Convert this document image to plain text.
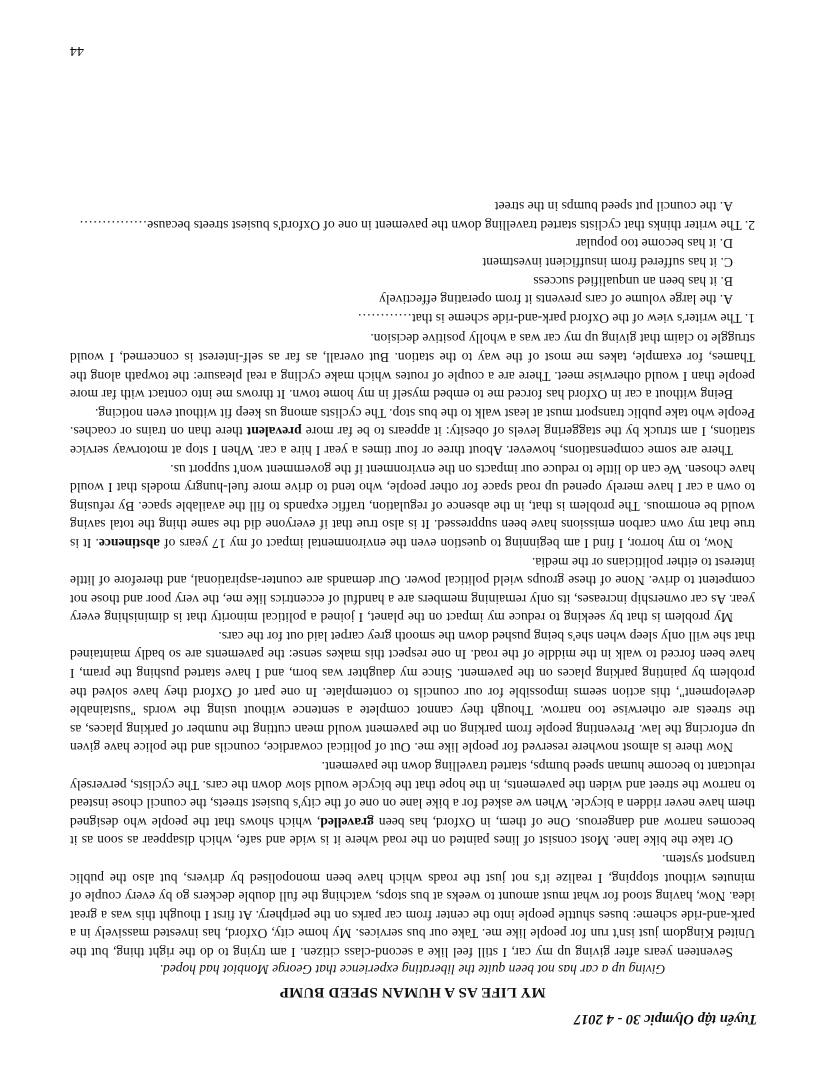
Tuyển tập Olympic 30 - 4 2017
MY LIFE AS A HUMAN SPEED BUMP
Giving up a car has not been quite the liberating experience that George Monbiot had hoped.

Seventeen years after giving up my car, I still feel like a second-class citizen. I am trying to do the right thing, but the United Kingdom just isn't run for people like me. Take our bus services. My home city, Oxford, has invested massively in a park-and-ride scheme: buses shuttle people into the center from car parks on the periphery. At first I thought this was a great idea. Now, having stood for what must amount to weeks at bus stops, watching the full double deckers go by every couple of minutes without stopping, I realize it's not just the roads which have been monopolised by drivers, but also the public transport system.

Or take the bike lane. Most consist of lines painted on the road where it is wide and safe, which disappear as soon as it becomes narrow and dangerous. One of them, in Oxford, has been gravelled, which shows that the people who designed them have never ridden a bicycle. When we asked for a bike lane on one of the city's busiest streets, the council chose instead to narrow the street and widen the pavements, in the hope that the bicycle would slow down the cars. The cyclists, perversely reluctant to become human speed bumps, started travelling down the pavement.

Now there is almost nowhere reserved for people like me. Out of political cowardice, councils and the police have given up enforcing the law. Preventing people from parking on the pavement would mean cutting the number of parking places, as the streets are otherwise too narrow. Though they cannot complete a sentence without using the words "sustainable development", this action seems impossible for our councils to contemplate. In one part of Oxford they have solved the problem by painting parking places on the pavement. Since my daughter was born, and I have started pushing the pram, I have been forced to walk in the middle of the road. In one respect this makes sense: the pavements are so badly maintained that she will only sleep when she's being pushed down the smooth grey carpet laid out for the cars.

My problem is that by seeking to reduce my impact on the planet, I joined a political minority that is diminishing every year. As car ownership increases, its only remaining members are a handful of eccentrics like me, the very poor and those not competent to drive. None of these groups wield political power. Our demands are counter-aspirational, and therefore of little interest to either politicians or the media.

Now, to my horror, I find I am beginning to question even the environmental impact of my 17 years of abstinence. It is true that my own carbon emissions have been suppressed. It is also true that if everyone did the same thing the total saving would be enormous. The problem is that, in the absence of regulation, traffic expands to fill the available space. By refusing to own a car I have merely opened up road space for other people, who tend to drive more fuel-hungry models that I would have chosen. We can do little to reduce our impacts on the environment if the government won't support us.

There are some compensations, however. About three or four times a year I hire a car. When I stop at motorway service stations, I am struck by the staggering levels of obesity: it appears to be far more prevalent there than on trains or coaches. People who take public transport must at least walk to the bus stop. The cyclists among us keep fit without even noticing.

Being without a car in Oxford has forced me to embed myself in my home town. It throws me into contact with far more people than I would otherwise meet. There are a couple of routes which make cycling a real pleasure: the towpath along the Thames, for example, takes me most of the way to the station. But overall, as far as self-interest is concerned, I would struggle to claim that giving up my car was a wholly positive decision.

1. The writer's view of the Oxford park-and-ride scheme is that…………

A. the large volume of cars prevents it from operating effectively

B. it has been an unqualified success

C. it has suffered from insufficient investment

D. it has become too popular

2. The writer thinks that cyclists started travelling down the pavement in one of Oxford's busiest streets because……………

A. the council put speed bumps in the street

44
